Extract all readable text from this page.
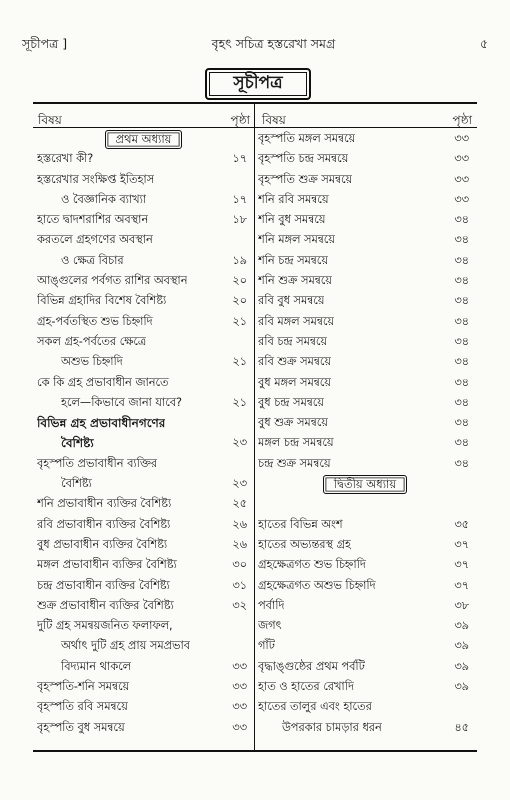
সূচীপত্র ]	বৃহৎ সচিত্র হস্তরেখা সমগ্র	৫
সূচীপত্র
বিষয়	পৃষ্ঠা বিষয়	পৃষ্ঠা
প্রথম অধ্যায়
হস্তরেখা কী?	১৭
হস্তরেখার সংক্ষিপ্ত ইতিহাস
ও বৈজ্ঞানিক ব্যাখ্যা	১৭
হাতে দ্বাদশরাশির অবস্থান	১৮
করতলে গ্রহগণের অবস্থান
ও ক্ষেত্র বিচার	১৯
আঙ্গুলের পর্বগত রাশির অবস্থান	২০
বিভিন্ন গ্রহাদির বিশেষ বৈশিষ্ট্য	২০
গ্রহ-পর্বতস্থিত শুভ চিহ্নাদি	২১
সকল গ্রহ-পর্বতের ক্ষেত্রে
অশুভ চিহ্নাদি	২১
কে কি গ্রহ প্রভাবাধীন জানতে
হলে—কিভাবে জানা যাবে?	২১
বিভিন্ন গ্রহ প্রভাবাধীনগণের
বৈশিষ্ট্য	২৩
বৃহস্পতি প্রভাবাধীন ব্যক্তির
বৈশিষ্ট্য	২৩
শনি প্রভাবাধীন ব্যক্তির বৈশিষ্ট্য	২৫
রবি প্রভাবাধীন ব্যক্তির বৈশিষ্ট্য	২৬
বুধ প্রভাবাধীন ব্যক্তির বৈশিষ্ট্য	২৬
মঙ্গল প্রভাবাধীন ব্যক্তির বৈশিষ্ট্য	৩০
চন্দ্র প্রভাবাধীন ব্যক্তির বৈশিষ্ট্য	৩১
শুক্র প্রভাবাধীন ব্যক্তির বৈশিষ্ট্য	৩২
দুটি গ্রহ সমন্বয়জনিত ফলাফল,
অর্থাৎ দুটি গ্রহ প্রায় সমপ্রভাব
বিদ্যমান থাকলে	৩৩
বৃহস্পতি-শনি সমন্বয়ে	৩৩
বৃহস্পতি রবি সমন্বয়ে	৩৩
বৃহস্পতি বুধ সমন্বয়ে	৩৩
বৃহস্পতি মঙ্গল সমন্বয়ে	৩৩
বৃহস্পতি চন্দ্র সমন্বয়ে	৩৩
বৃহস্পতি শুক্র সমন্বয়ে	৩৩
শনি রবি সমন্বয়ে	৩৩
শনি বুধ সমন্বয়ে	৩৪
শনি মঙ্গল সমন্বয়ে	৩৪
শনি চন্দ্র সমন্বয়ে	৩৪
শনি শুক্র সমন্বয়ে	৩৪
রবি বুধ সমন্বয়ে	৩৪
রবি মঙ্গল সমন্বয়ে	৩৪
রবি চন্দ্র সমন্বয়ে	৩৪
রবি শুক্র সমন্বয়ে	৩৪
বুধ মঙ্গল সমন্বয়ে	৩৪
বুধ চন্দ্র সমন্বয়ে	৩৪
বুধ শুক্র সমন্বয়ে	৩৪
মঙ্গল চন্দ্র সমন্বয়ে	৩৪
চন্দ্র শুক্র সমন্বয়ে	৩৪
দ্বিতীয় অধ্যায়
হাতের বিভিন্ন অংশ	৩৫
হাতের অভ্যন্তরস্থ গ্রহ	৩৭
গ্রহক্ষেত্রগত শুভ চিহ্নাদি	৩৭
গ্রহক্ষেত্রগত অশুভ চিহ্নাদি	৩৭
পর্বাদি	৩৮
জগৎ	৩৯
গাঁট	৩৯
বৃদ্ধাঙ্গুষ্ঠের প্রথম পর্বটি	৩৯
হাত ও হাতের রেখাদি	৩৯
হাতের তালুর এবং হাতের
উপরকার চামড়ার ধরন	৪৫
